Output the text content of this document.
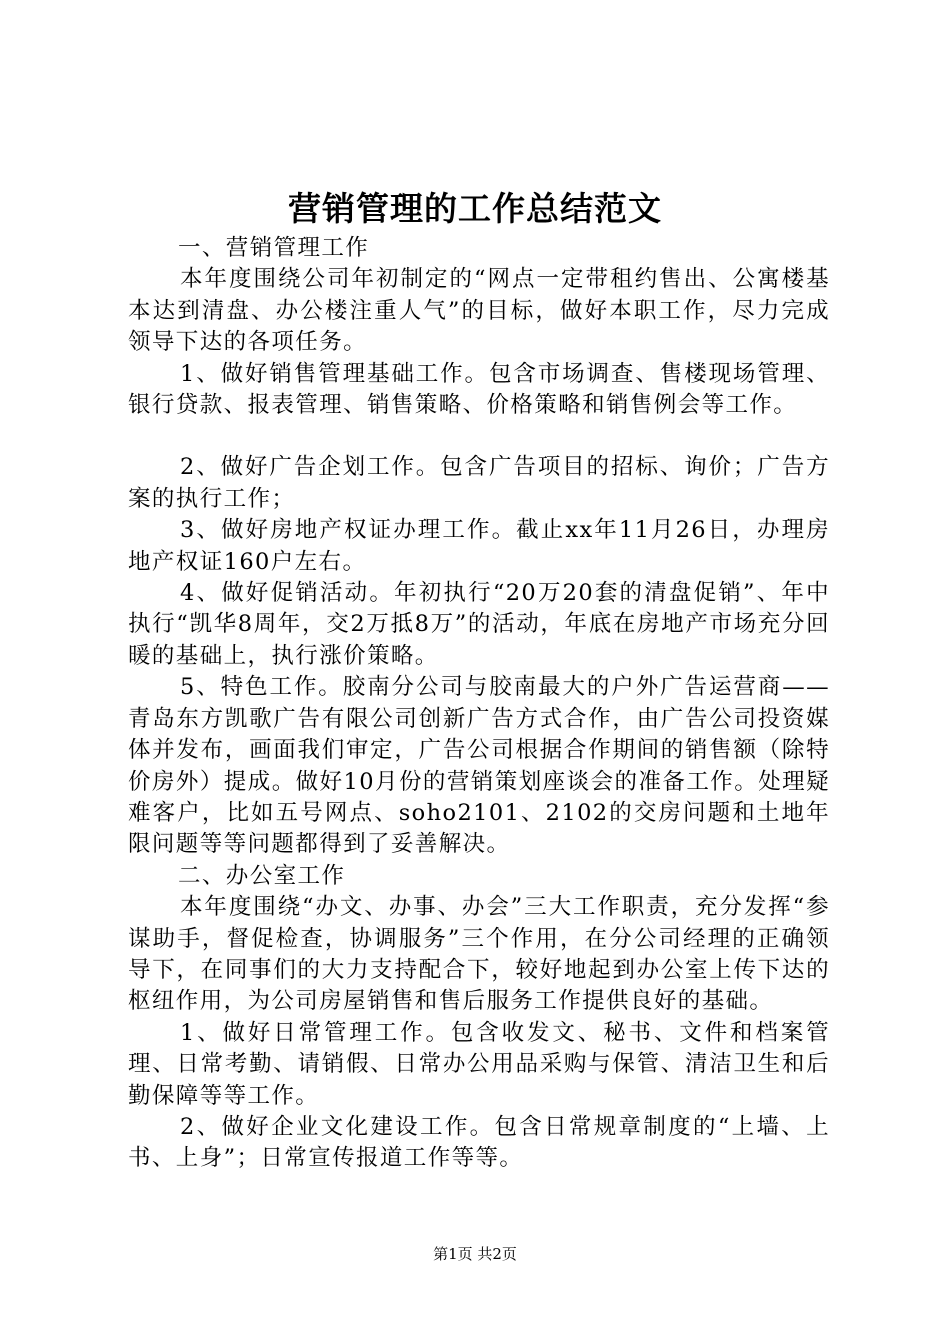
营销管理的工作总结范文

一、营销管理工作

本年度围绕公司年初制定的“网点一定带租约售出、公寓楼基本达到清盘、办公楼注重人气”的目标，做好本职工作，尽力完成领导下达的各项任务。

1、做好销售管理基础工作。包含市场调查、售楼现场管理、银行贷款、报表管理、销售策略、价格策略和销售例会等工作。

2、做好广告企划工作。包含广告项目的招标、询价；广告方案的执行工作；

3、做好房地产权证办理工作。截止xx年11月26日，办理房地产权证160户左右。

4、做好促销活动。年初执行“20万20套的清盘促销”、年中执行“凯华8周年，交2万抵8万”的活动，年底在房地产市场充分回暖的基础上，执行涨价策略。

5、特色工作。胶南分公司与胶南最大的户外广告运营商——青岛东方凯歌广告有限公司创新广告方式合作，由广告公司投资媒体并发布，画面我们审定，广告公司根据合作期间的销售额（除特价房外）提成。做好10月份的营销策划座谈会的准备工作。处理疑难客户，比如五号网点、soho2101、2102的交房问题和土地年限问题等等问题都得到了妥善解决。

二、办公室工作

本年度围绕“办文、办事、办会”三大工作职责，充分发挥“参谋助手，督促检查，协调服务”三个作用，在分公司经理的正确领导下，在同事们的大力支持配合下，较好地起到办公室上传下达的枢纽作用，为公司房屋销售和售后服务工作提供良好的基础。

1、做好日常管理工作。包含收发文、秘书、文件和档案管理、日常考勤、请销假、日常办公用品采购与保管、清洁卫生和后勤保障等等工作。

2、做好企业文化建设工作。包含日常规章制度的“上墙、上书、上身”；日常宣传报道工作等等。

第1页 共2页
